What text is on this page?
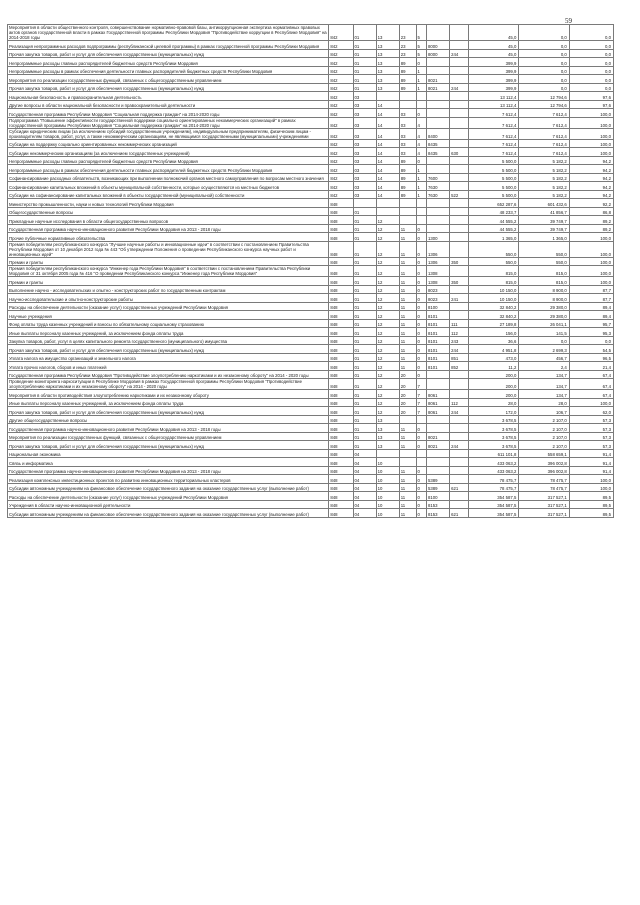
59
Мероприятия в области общественного контроля, совершенствование нормативно-правовой базы, антикоррупционная экспертиза нормативных правовых актов органов государственной власти в рамках Государственной программы Республики Мордовия "Противодействие коррупции в Республике Мордовия" на 2014-2018 годы	842	01	13	23	5			45,0	0,0	0,0
Реализация непрограммных расходов подпрограммы (республиканской целевой программы) в рамках государственной программы Республики Мордовия	842	01	13	23	5	8000		45,0	0,0	0,0
Прочая закупка товаров, работ и услуг для обеспечения государственных (муниципальных) нужд	842	01	13	23	5	8000	244	45,0	0,0	0,0
Непрограммные расходы главных распорядителей бюджетных средств Республики Мордовия	842	01	13	89	0			399,9	0,0	0,0
Непрограммные расходы в рамках обеспечения деятельности главных распорядителей бюджетных средств Республики Мордовия	842	01	13	89	1			399,9	0,0	0,0
Мероприятия по реализации государственных функций, связанных с общегосударственным управлением	842	01	13	89	1	8021		399,9	0,0	0,0
Прочая закупка товаров, работ и услуг для обеспечения государственных (муниципальных) нужд	842	01	13	89	1	8021	244	399,9	0,0	0,0
Национальная безопасность и правоохранительная деятельность	842	03						13 112,4	12 794,6	97,6
Другие вопросы в области национальной безопасности и правоохранительной деятельности	842	03	14					13 112,4	12 794,6	97,6
Государственная программа Республики Мордовия "Социальная поддержка граждан" на 2014-2020 годы	842	03	14	03	0			7 612,4	7 612,4	100,0
Подпрограмма "Повышение эффективности государственной поддержки социально ориентированных некоммерческих организаций" в рамках государственной программы Республики Мордовия "Социальная поддержка граждан" на 2014-2020 годы	842	03	14	03	4			7 612,4	7 612,4	100,0
Субсидии юридическим лицам (за исключением субсидий государственным учреждениям), индивидуальным предпринимателям, физическим лицам - производителям товаров, работ, услуг, а также некоммерческим организациям, не являющимся государственными (муниципальными) учреждениями	842	03	14	03	4	8400		7 612,4	7 612,4	100,0
Субсидии на поддержку социально ориентированных некоммерческих организаций	842	03	14	03	4	8435		7 612,4	7 612,4	100,0
Субсидии некоммерческим организациям (за исключением государственных учреждений)	842	03	14	03	4	8435	630	7 612,4	7 612,4	100,0
Непрограммные расходы главных распорядителей бюджетных средств Республики Мордовия	842	03	14	89	0			5 500,0	5 182,2	94,2
Непрограммные расходы в рамках обеспечения деятельности главных распорядителей бюджетных средств Республики Мордовия	842	03	14	89	1			5 500,0	5 182,2	94,2
Софинансирование расходных обязательств, возникающих при выполнении полномочий органов местного самоуправления по вопросам местного значения	842	03	14	89	1	7600		5 500,0	5 182,2	94,2
Софинансирование капитальных вложений в объекты муниципальной собственности, которые осуществляются из местных бюджетов	842	03	14	89	1	7630		5 500,0	5 182,2	94,2
Субсидии на софинансирование капитальных вложений в объекты государственной (муниципальной) собственности	842	03	14	89	1	7630	522	5 500,0	5 182,2	94,2
Министерство промышленности, науки и новых технологий Республики Мордовия	848							652 287,6	601 432,6	92,2
Общегосударственные вопросы	848	01						48 233,7	41 856,7	86,8
Прикладные научные исследования в области общегосударственных вопросов	848	01	12					44 555,2	39 749,7	89,2
Государственная программа научно-инновационного развития Республики Мордовия на 2013 - 2018 годы	848	01	12	11	0			44 555,2	39 749,7	89,2
Прочие публичные нормативные обязательства	848	01	12	11	0	1300		1 365,0	1 365,0	100,0
Премия победителям республиканского конкурса "Лучшие научные работы и инновационные идеи" в соответствии с постановлением Правительства Республики Мордовия от 10 декабря 2012 года № 443 "Об утверждении Положения о проведении Республиканского конкурса научных работ и инновационных идей"	848	01	12	11	0	1306		550,0	550,0	100,0
Премии и гранты	848	01	12	11	0	1306	350	550,0	550,0	100,0
Премия победителям республиканского конкурса "Инженер года Республики Мордовия" в соответствии с постановлением Правительства Республики Мордовия от 31 октября 2005 года № 416 "О проведении Республиканского конкурса "Инженер года Республики Мордовия"	848	01	12	11	0	1308		815,0	815,0	100,0
Премии и гранты	848	01	12	11	0	1308	350	815,0	815,0	100,0
Выполнение научно - исследовательских и опытно - конструкторских работ по государственным контрактам	848	01	12	11	0	8023		10 150,0	8 900,0	87,7
Научно-исследовательские и опытно-конструкторские работы	848	01	12	11	0	8023	241	10 150,0	8 900,0	87,7
Расходы на обеспечение деятельности (оказание услуг) государственных учреждений Республики Мордовия	848	01	12	11	0	8100		32 840,2	29 380,0	89,4
Научные учреждения	848	01	12	11	0	8101		32 840,2	29 380,0	89,4
Фонд оплаты труда казенных учреждений и взносы по обязательному социальному страхованию	848	01	12	11	0	8101	111	27 189,8	26 041,1	95,7
Иные выплаты персоналу казенных учреждений, за исключением фонда оплаты труда	848	01	12	11	0	8101	112	156,0	141,5	95,3
Закупка товаров, работ, услуг в целях капитального ремонта государственного (муниципального) имущества	848	01	12	11	0	8101	243	36,6	0,0	0,0
Прочая закупка товаров, работ и услуг для обеспечения государственных (муниципальных) нужд	848	01	12	11	0	8101	244	4 951,8	2 699,3	54,5
Уплата налога на имущество организаций и земельного налога	848	01	12	11	0	8101	851	473,0	456,7	96,5
Уплата прочих налогов, сборов и иных платежей	848	01	12	11	0	8101	852	11,2	2,4	21,4
Государственная программа Республики Мордовия "Противодействие злоупотреблению наркотиками и их незаконному обороту" на 2014 - 2020 годы	848	01	12	20	0			200,0	134,7	67,4
Проведение мониторинга наркоситуации в Республике Мордовия в рамках Государственной программы Республики Мордовия "Противодействие злоупотреблению наркотиками и их незаконному обороту" на 2014 - 2020 годы	848	01	12	20	7			200,0	134,7	67,4
Мероприятия в области противодействия злоупотреблению наркотиками и их незаконному обороту	848	01	12	20	7	8061		200,0	134,7	67,4
Иные выплаты персоналу казенных учреждений, за исключением фонда оплаты труда	848	01	12	20	7	8061	112	28,0	28,0	100,0
Прочая закупка товаров, работ и услуг для обеспечения государственных (муниципальных) нужд	848	01	12	20	7	8061	244	172,0	106,7	62,0
Другие общегосударственные вопросы	848	01	13					3 678,5	2 107,0	57,3
Государственная программа научно-инновационного развития Республики Мордовия на 2013 - 2018 годы	848	01	13	11	0			3 678,5	2 107,0	57,3
Мероприятия по реализации государственных функций, связанных с общегосударственным управлением	848	01	13	11	0	8021		3 678,5	2 107,0	57,3
Прочая закупка товаров, работ и услуг для обеспечения государственных (муниципальных) нужд	848	01	13	11	0	8021	244	3 678,5	2 107,0	57,3
Национальная экономика	848	04						611 101,8	558 659,1	91,4
Связь и информатика	848	04	10					433 063,2	396 002,8	91,4
Государственная программа научно-инновационного развития Республики Мордовия на 2013 - 2018 годы	848	04	10	11	0			433 063,2	396 002,8	91,4
Реализация комплексных инвестиционных проектов по развитию инновационных территориальных кластеров	848	04	10	11	0	5389		78 475,7	78 475,7	100,0
Субсидии автономным учреждениям на финансовое обеспечение государственного задания на оказание государственных услуг (выполнение работ)	848	04	10	11	0	5389	621	78 475,7	78 475,7	100,0
Расходы на обеспечение деятельности (оказание услуг) государственных учреждений Республики Мордовия	848	04	10	11	0	8100		354 587,5	317 527,1	89,5
Учреждения в области научно-инновационной деятельности	848	04	10	11	0	8153		354 587,5	317 527,1	89,5
Субсидии автономным учреждениям на финансовое обеспечение государственного задания на оказание государственных услуг (выполнение работ)	848	04	10	11	0	8153	621	354 587,5	317 527,1	89,5
